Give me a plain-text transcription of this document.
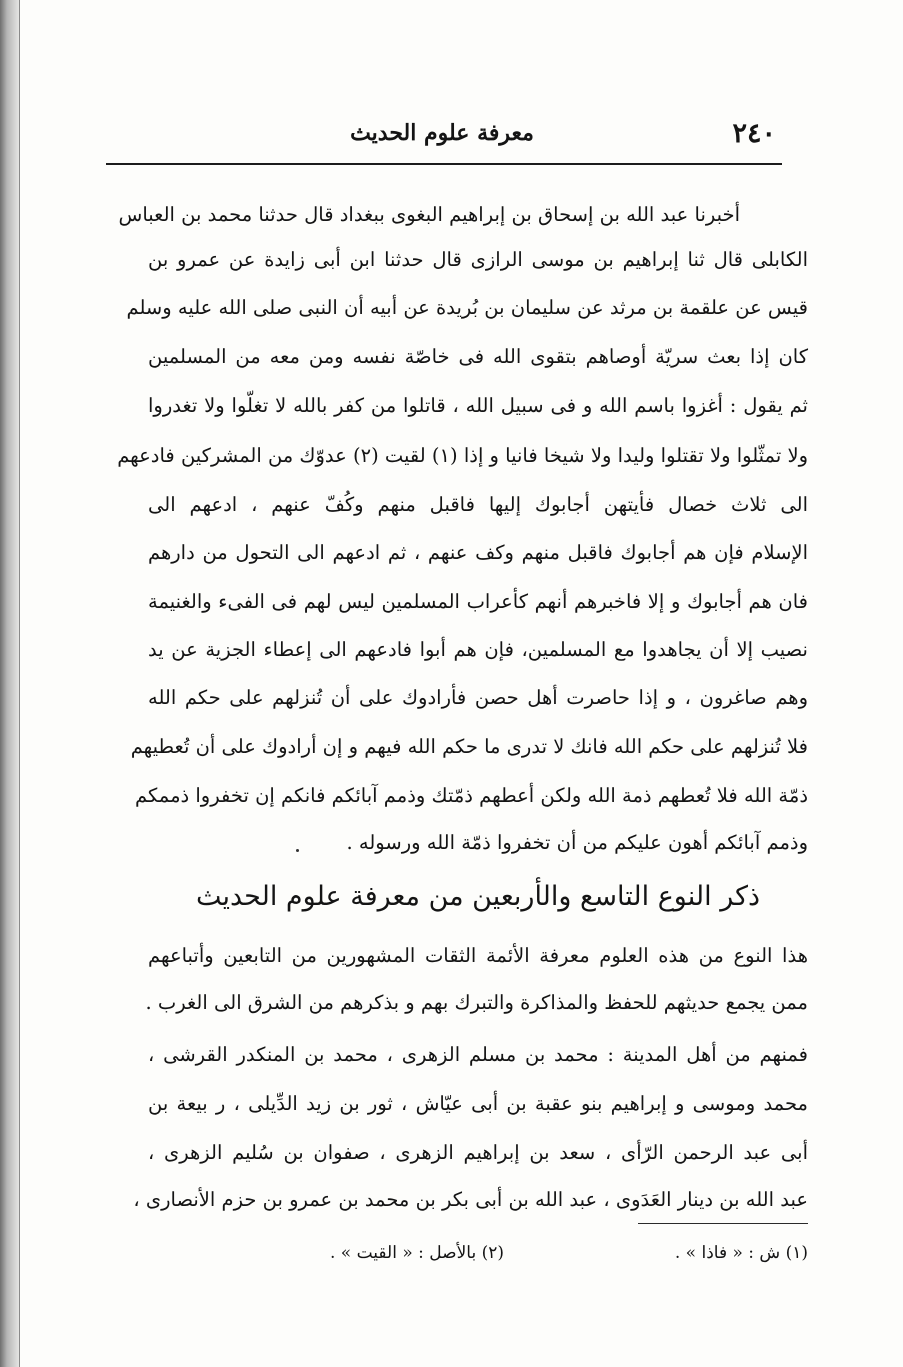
٢٤٠
معرفة علوم الحديث
أخبرنا عبد الله بن إسحاق بن إبراهيم البغوى ببغداد قال حدثنا محمد بن العباس
الكابلى قال ثنا إبراهيم بن موسى الرازى قال حدثنا ابن أبى زايدة عن عمرو بن
قيس عن علقمة بن مرثد عن سليمان بن بُريدة عن أبيه أن النبى صلى الله عليه وسلم
كان إذا بعث سريّة أوصاهم بتقوى الله فى خاصّة نفسه ومن معه من المسلمين
ثم يقول : أغزوا باسم الله و فى سبيل الله ، قاتلوا من كفر بالله لا تغلّوا ولا تغدروا
ولا تمثّلوا ولا تقتلوا وليدا ولا شيخا فانيا و إذا (١) لقيت (٢) عدوّك من المشركين فادعهم
الى ثلاث خصال فأيتهن أجابوك إليها فاقبل منهم وكُفّ عنهم ، ادعهم الى
الإسلام فإن هم أجابوك فاقبل منهم وكف عنهم ، ثم ادعهم الى التحول من دارهم
فان هم أجابوك و إلا فاخبرهم أنهم كأعراب المسلمين ليس لهم فى الفىء والغنيمة
نصيب إلا أن يجاهدوا مع المسلمين، فإن هم أبوا فادعهم الى إعطاء الجزية عن يد
وهم صاغرون ، و إذا حاصرت أهل حصن فأرادوك على أن تُنزلهم على حكم الله
فلا تُنزلهم على حكم الله فانك لا تدرى ما حكم الله فيهم و إن أرادوك على أن تُعطيهم
ذمّة الله فلا تُعطهم ذمة الله ولكن أعطهم ذمّتك وذمم آبائكم فانكم إن تخفروا ذممكم
وذمم آبائكم أهون عليكم من أن تخفروا ذمّة الله ورسوله .
ذكر النوع التاسع والأربعين من معرفة علوم الحديث
هذا النوع من هذه العلوم معرفة الأئمة الثقات المشهورين من التابعين وأتباعهم
ممن يجمع حديثهم للحفظ والمذاكرة والتبرك بهم و بذكرهم من الشرق الى الغرب .
فمنهم من أهل المدينة : محمد بن مسلم الزهرى ، محمد بن المنكدر القرشى ،
محمد وموسى و إبراهيم بنو عقبة بن أبى عيّاش ، ثور بن زيد الدِّيلى ، ر بيعة بن
أبى عبد الرحمن الرّأى ، سعد بن إبراهيم الزهرى ، صفوان بن سُليم الزهرى ،
عبد الله بن دينار العَدَوى ، عبد الله بن أبى بكر بن محمد بن عمرو بن حزم الأنصارى ،
(١) ش : « فاذا » .
(٢) بالأصل : « القيت » .
